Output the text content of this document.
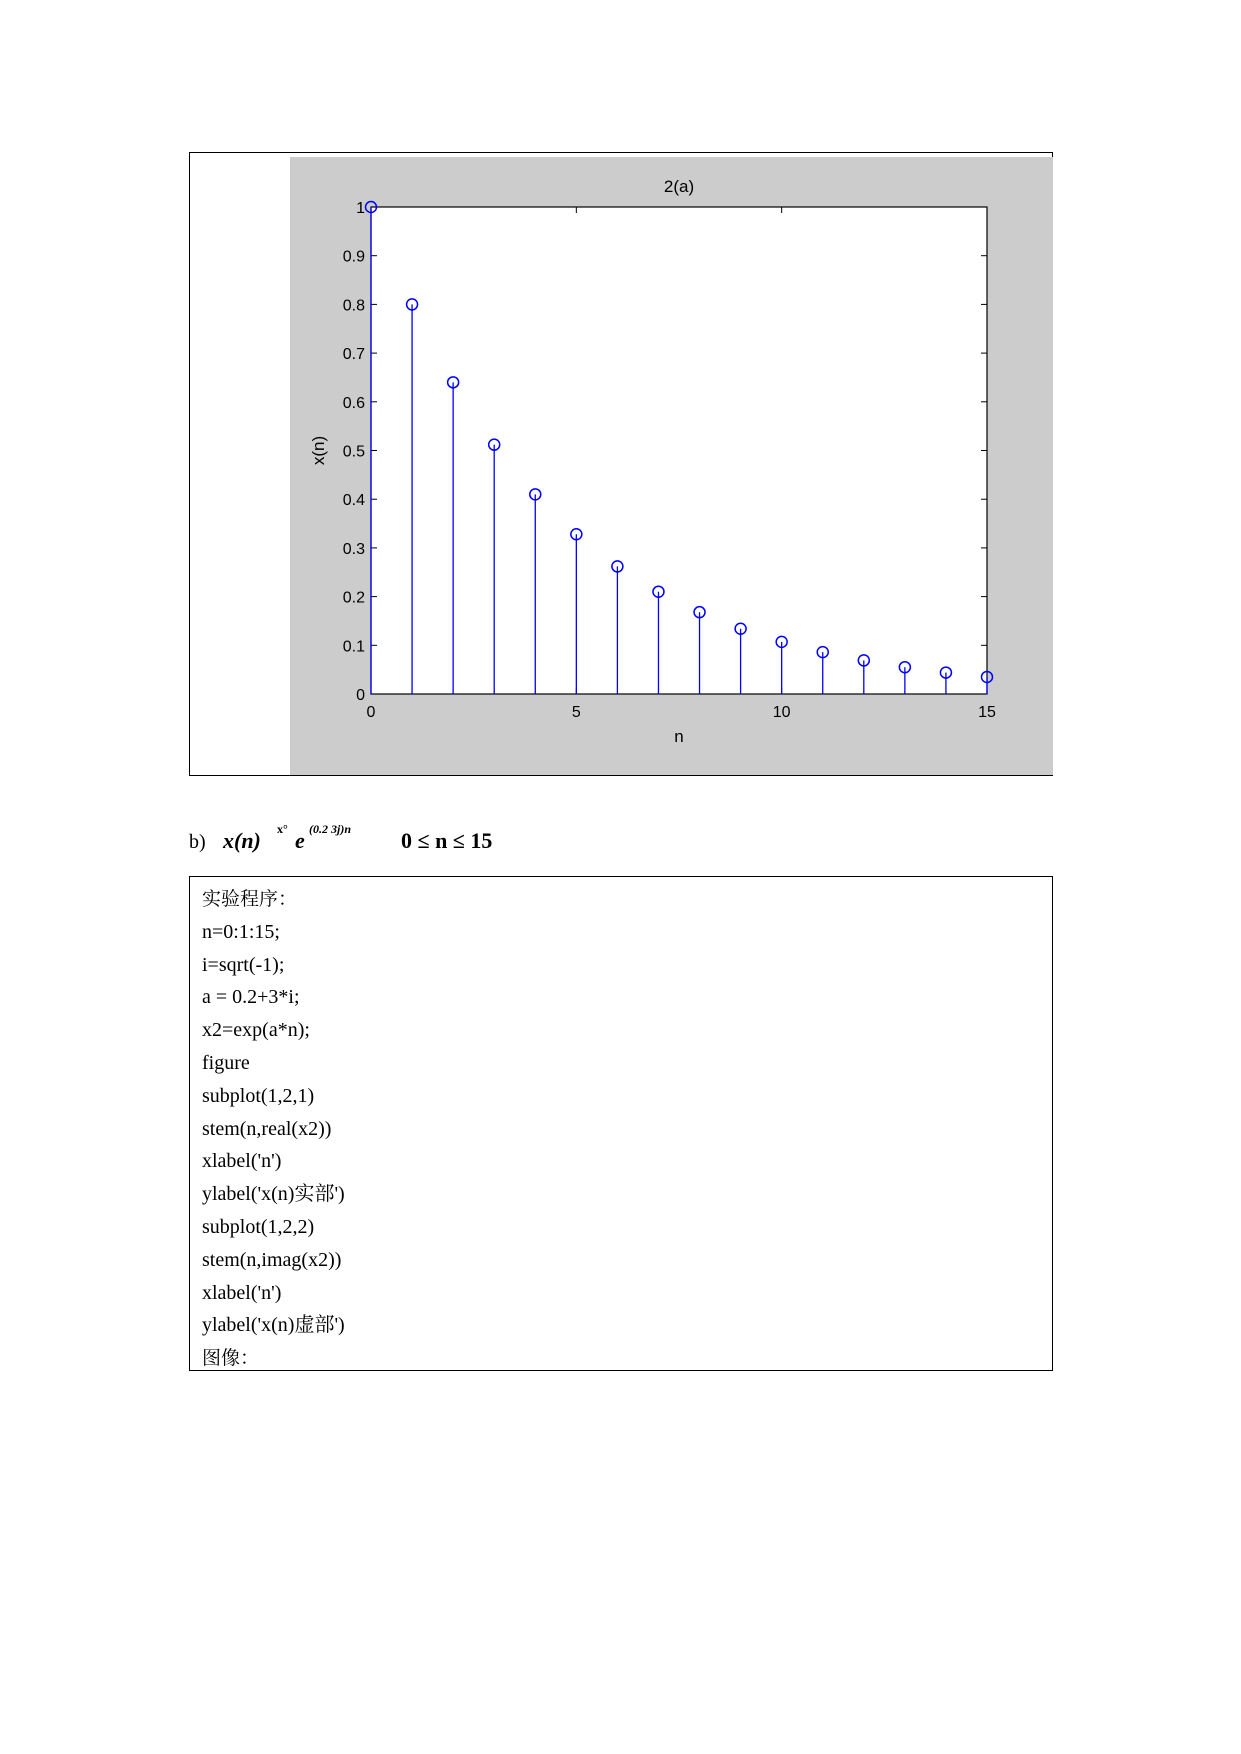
2(a)
0
0.1
0.2
0.3
0.4
0.5
0.6
0.7
0.8
0.9
1
0	5	10	15
n
x(n)
b) x(n) x° e (0.2 3j)n 0 ≤ n ≤ 15
实验程序：
n=0:1:15;
i=sqrt(-1);
a = 0.2+3*i;
x2=exp(a*n);
figure
subplot(1,2,1)
stem(n,real(x2))
xlabel('n')
ylabel('x(n)实部')
subplot(1,2,2)
stem(n,imag(x2))
xlabel('n')
ylabel('x(n)虚部')
图像：
